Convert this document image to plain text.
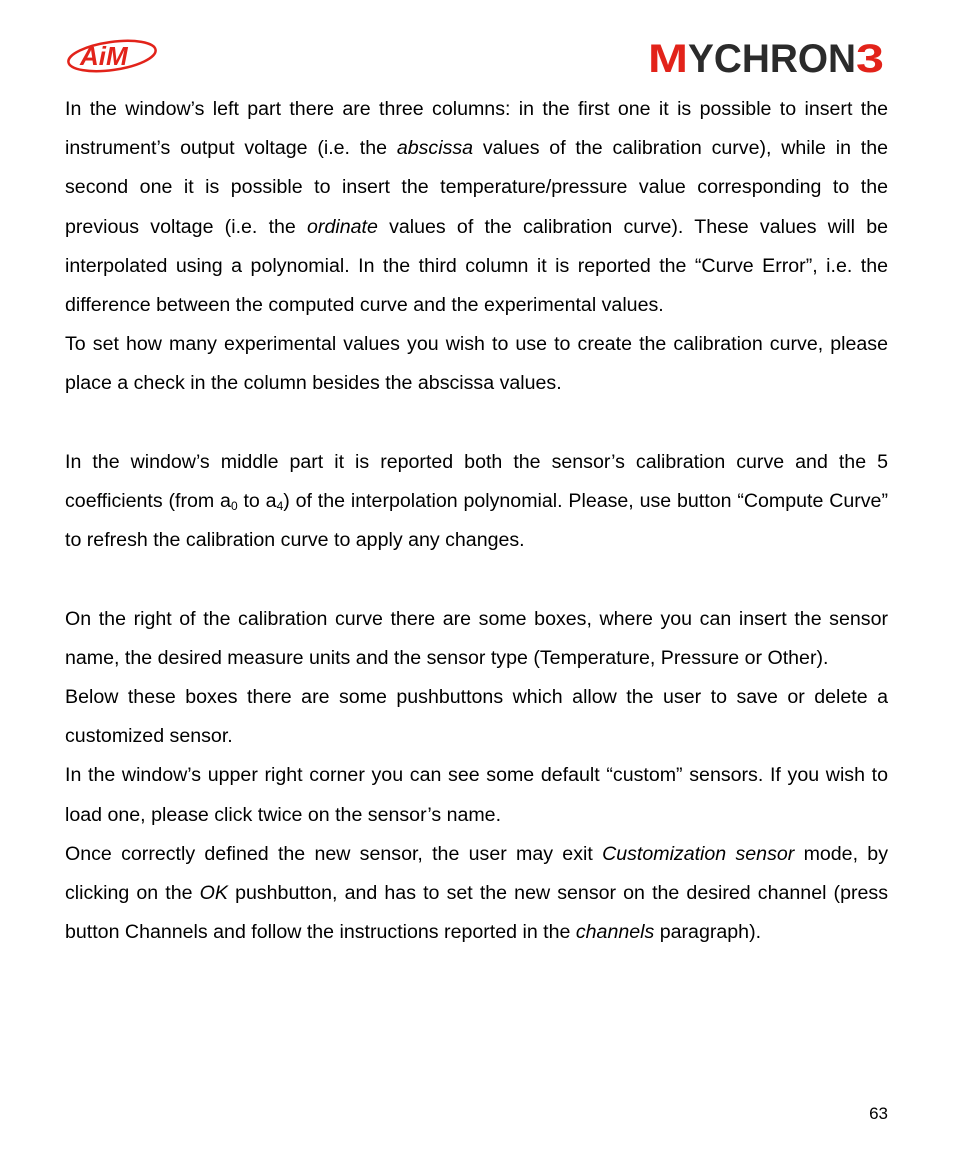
AiM	M YCHRON 3

In the window’s left part there are three columns: in the first one it is possible to insert the instrument’s output voltage (i.e. the abscissa values of the calibration curve), while in the second one it is possible to insert the temperature/pressure value corresponding to the previous voltage (i.e. the ordinate values of the calibration curve). These values will be interpolated using a polynomial. In the third column it is reported the “Curve Error”, i.e. the difference between the computed curve and the experimental values.

To set how many experimental values you wish to use to create the calibration curve, please place a check in the column besides the abscissa values.

In the window’s middle part it is reported both the sensor’s calibration curve and the 5 coefficients (from $a_0$ to $a_4$) of the interpolation polynomial. Please, use button “Compute Curve” to refresh the calibration curve to apply any changes.

On the right of the calibration curve there are some boxes, where you can insert the sensor name, the desired measure units and the sensor type (Temperature, Pressure or Other).

Below these boxes there are some pushbuttons which allow the user to save or delete a customized sensor.

In the window’s upper right corner you can see some default “custom” sensors. If you wish to load one, please click twice on the sensor’s name.

Once correctly defined the new sensor, the user may exit Customization sensor mode, by clicking on the OK pushbutton, and has to set the new sensor on the desired channel (press button Channels and follow the instructions reported in the channels paragraph).

63
